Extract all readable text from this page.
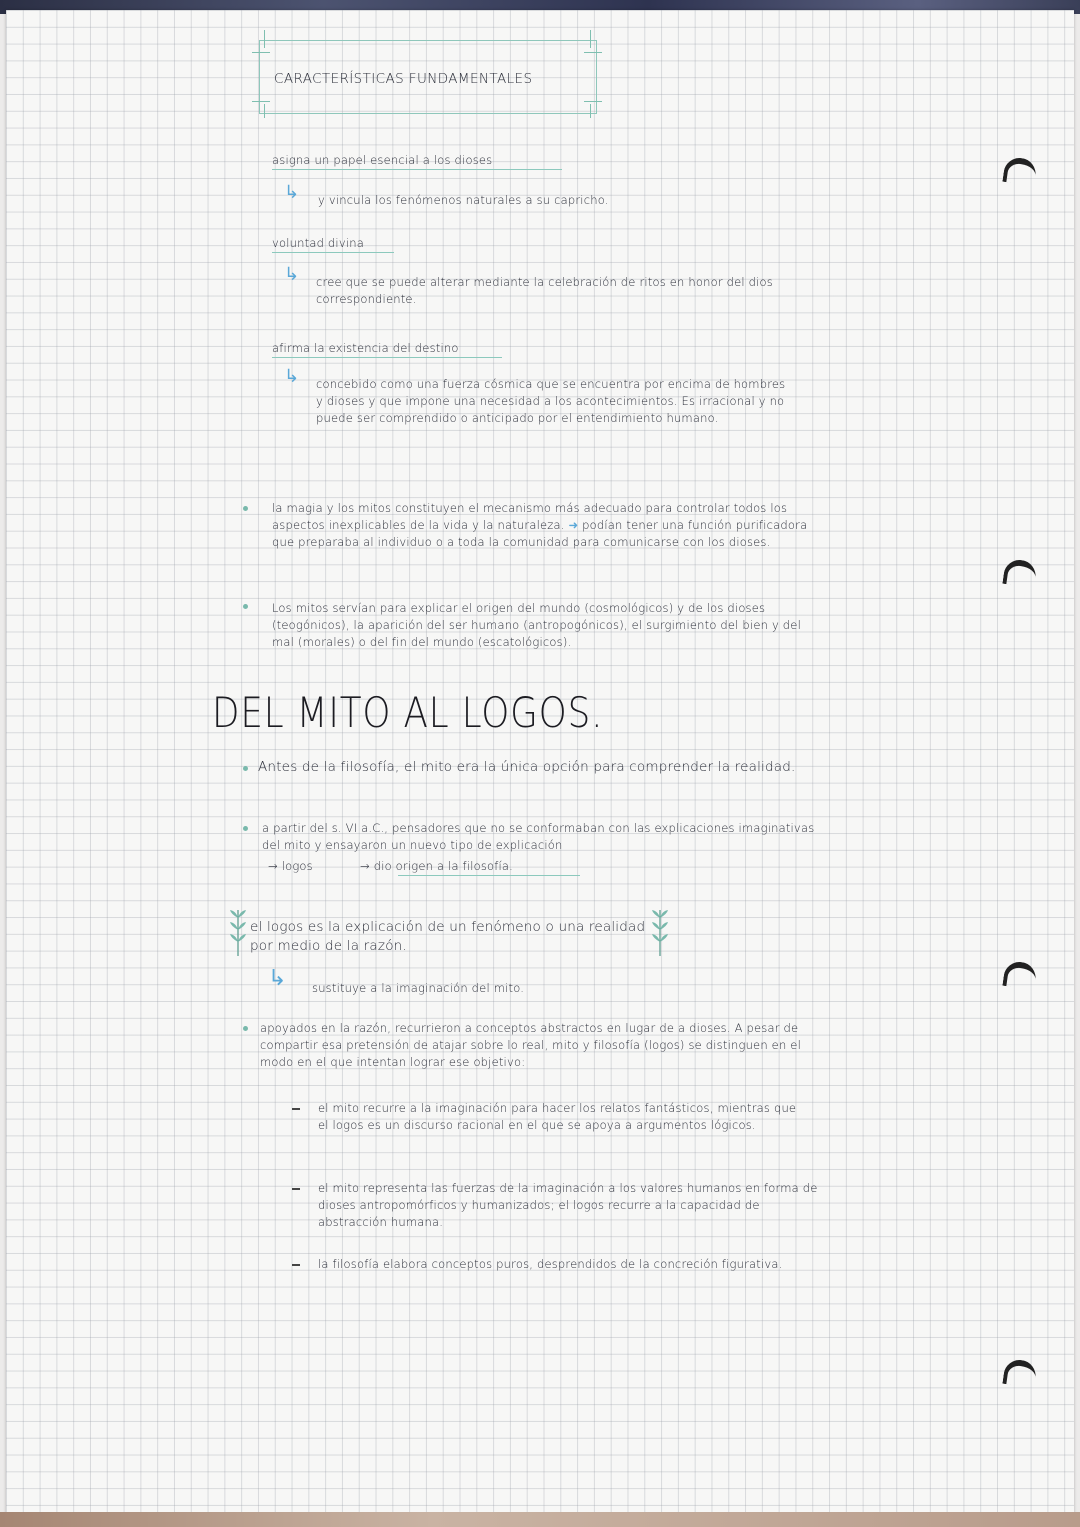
CARACTERÍSTICAS FUNDAMENTALES
asigna un papel esencial a los dioses
↳ y vincula los fenómenos naturales a su capricho.
voluntad divina
↳ cree que se puede alterar mediante la celebración de ritos en honor del dios correspondiente.
afirma la existencia del destino
↳ concebido como una fuerza cósmica que se encuentra por encima de hombres y dioses y que impone una necesidad a los acontecimientos. Es irracional y no puede ser comprendido o anticipado por el entendimiento humano.
la magia y los mitos constituyen el mecanismo más adecuado para controlar todos los aspectos inexplicables de la vida y la naturaleza. ➜ podían tener una función purificadora que preparaba al individuo o a toda la comunidad para comunicarse con los dioses.
Los mitos servían para explicar el origen del mundo (cosmológicos) y de los dioses (teogónicos), la aparición del ser humano (antropogónicos), el surgimiento del bien y del mal (morales) o del fin del mundo (escatológicos).
DEL MITO AL LOGOS.
Antes de la filosofía, el mito era la única opción para comprender la realidad.
a partir del s. VI a.C., pensadores que no se conformaban con las explicaciones imaginativas del mito y ensayaron un nuevo tipo de explicación
→ logos	→ dio origen a la filosofía.
el logos es la explicación de un fenómeno o una realidad por medio de la razón.
↳ sustituye a la imaginación del mito.
apoyados en la razón, recurrieron a conceptos abstractos en lugar de a dioses. A pesar de compartir esa pretensión de atajar sobre lo real, mito y filosofía (logos) se distinguen en el modo en el que intentan lograr ese objetivo:
el mito recurre a la imaginación para hacer los relatos fantásticos, mientras que el logos es un discurso racional en el que se apoya a argumentos lógicos.
el mito representa las fuerzas de la imaginación a los valores humanos en forma de dioses antropomórficos y humanizados; el logos recurre a la capacidad de abstracción humana.
la filosofía elabora conceptos puros, desprendidos de la concreción figurativa.
